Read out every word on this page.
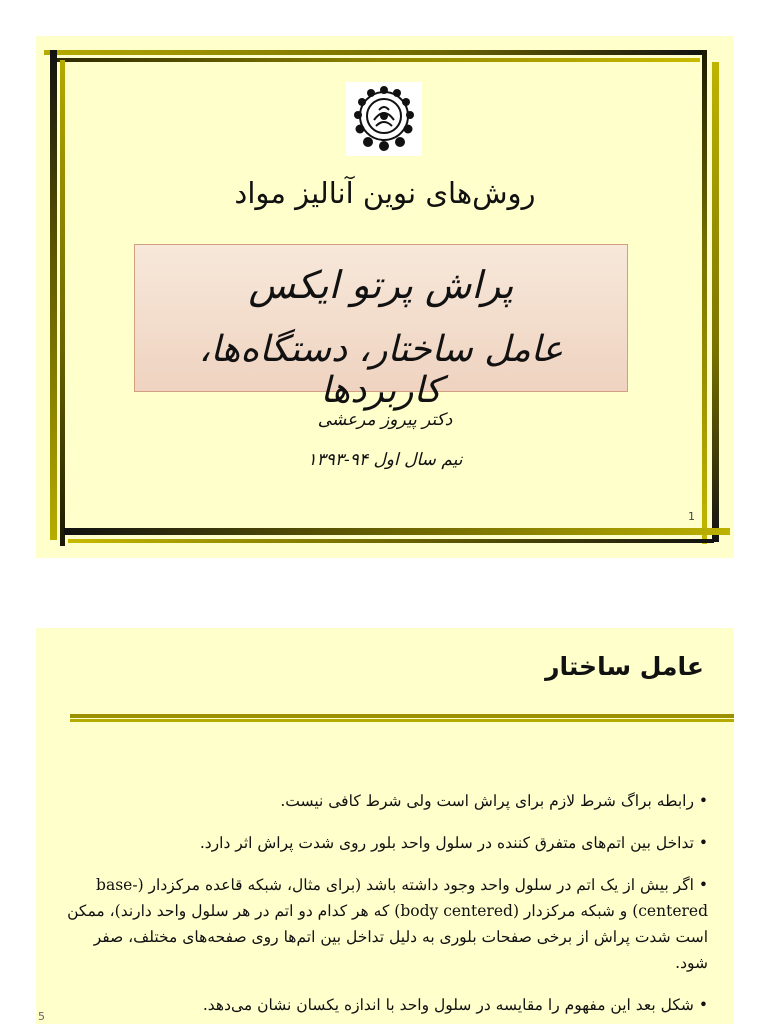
روش‌های نوین آنالیز مواد
پراش پرتو ایکس
عامل ساختار، دستگاه‌ها، کاربردها
دکتر پیروز مرعشی
نیم سال اول ۹۴-۱۳۹۳
1
عامل ساختار

• رابطه براگ شرط لازم برای پراش است ولی شرط کافی نیست.

• تداخل بین اتم‌های متفرق کننده در سلول واحد بلور روی شدت پراش اثر دارد.

• اگر بیش از یک اتم در سلول واحد وجود داشته باشد (برای مثال، شبکه قاعده مرکزدار (base-centered) و شبکه مرکزدار (body centered) که هر کدام دو اتم در هر سلول واحد دارند)، ممکن است شدت پراش از برخی صفحات بلوری به دلیل تداخل بین اتم‌ها روی صفحه‌های مختلف، صفر شود.

• شکل بعد این مفهوم را مقایسه در سلول واحد با اندازه یکسان نشان می‌دهد.

5
